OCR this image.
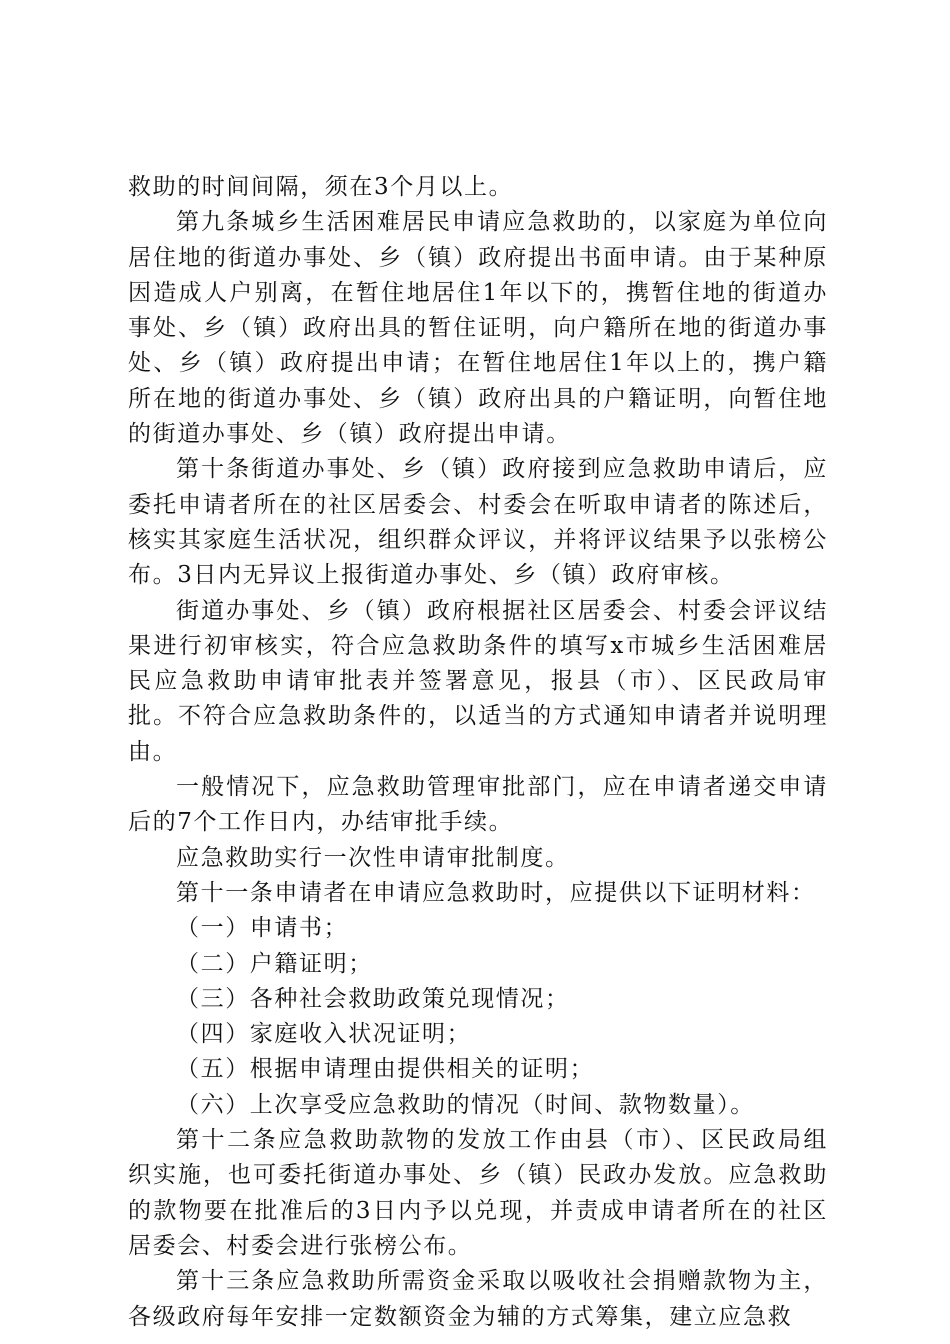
救助的时间间隔，须在3个月以上。

第九条城乡生活困难居民申请应急救助的，以家庭为单位向居住地的街道办事处、乡（镇）政府提出书面申请。由于某种原因造成人户别离，在暂住地居住1年以下的，携暂住地的街道办事处、乡（镇）政府出具的暂住证明，向户籍所在地的街道办事处、乡（镇）政府提出申请；在暂住地居住1年以上的，携户籍所在地的街道办事处、乡（镇）政府出具的户籍证明，向暂住地的街道办事处、乡（镇）政府提出申请。

第十条街道办事处、乡（镇）政府接到应急救助申请后，应委托申请者所在的社区居委会、村委会在听取申请者的陈述后，核实其家庭生活状况，组织群众评议，并将评议结果予以张榜公布。3日内无异议上报街道办事处、乡（镇）政府审核。

街道办事处、乡（镇）政府根据社区居委会、村委会评议结果进行初审核实，符合应急救助条件的填写x市城乡生活困难居民应急救助申请审批表并签署意见，报县（市）、区民政局审批。不符合应急救助条件的，以适当的方式通知申请者并说明理由。

一般情况下，应急救助管理审批部门，应在申请者递交申请后的7个工作日内，办结审批手续。

应急救助实行一次性申请审批制度。

第十一条申请者在申请应急救助时，应提供以下证明材料：

（一）申请书；

（二）户籍证明；

（三）各种社会救助政策兑现情况；

（四）家庭收入状况证明；

（五）根据申请理由提供相关的证明；

（六）上次享受应急救助的情况（时间、款物数量）。

第十二条应急救助款物的发放工作由县（市）、区民政局组织实施，也可委托街道办事处、乡（镇）民政办发放。应急救助的款物要在批准后的3日内予以兑现，并责成申请者所在的社区居委会、村委会进行张榜公布。

第十三条应急救助所需资金采取以吸收社会捐赠款物为主，各级政府每年安排一定数额资金为辅的方式筹集，建立应急救
